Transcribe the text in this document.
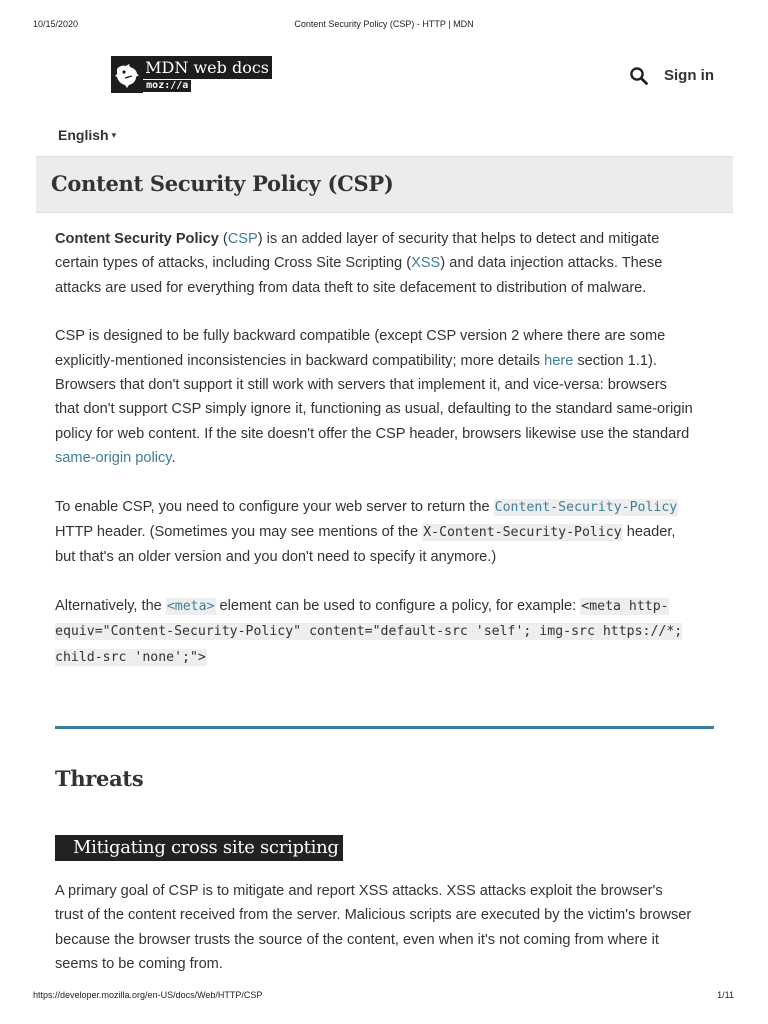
10/15/2020	Content Security Policy (CSP) - HTTP | MDN
MDN web docs
moz://a
Sign in
English ▾
Content Security Policy (CSP)

Content Security Policy (CSP) is an added layer of security that helps to detect and mitigate certain types of attacks, including Cross Site Scripting (XSS) and data injection attacks. These attacks are used for everything from data theft to site defacement to distribution of malware.

CSP is designed to be fully backward compatible (except CSP version 2 where there are some explicitly-mentioned inconsistencies in backward compatibility; more details here section 1.1). Browsers that don't support it still work with servers that implement it, and vice-versa: browsers that don't support CSP simply ignore it, functioning as usual, defaulting to the standard same-origin policy for web content. If the site doesn't offer the CSP header, browsers likewise use the standard same-origin policy.

To enable CSP, you need to configure your web server to return the Content-Security-Policy HTTP header. (Sometimes you may see mentions of the X-Content-Security-Policy header, but that's an older version and you don't need to specify it anymore.)

Alternatively, the <meta> element can be used to configure a policy, for example: <meta http-equiv="Content-Security-Policy" content="default-src 'self'; img-src https://*; child-src 'none';">

Threats
Mitigating cross site scripting

A primary goal of CSP is to mitigate and report XSS attacks. XSS attacks exploit the browser's trust of the content received from the server. Malicious scripts are executed by the victim's browser because the browser trusts the source of the content, even when it's not coming from where it seems to be coming from.

https://developer.mozilla.org/en-US/docs/Web/HTTP/CSP	1/11
